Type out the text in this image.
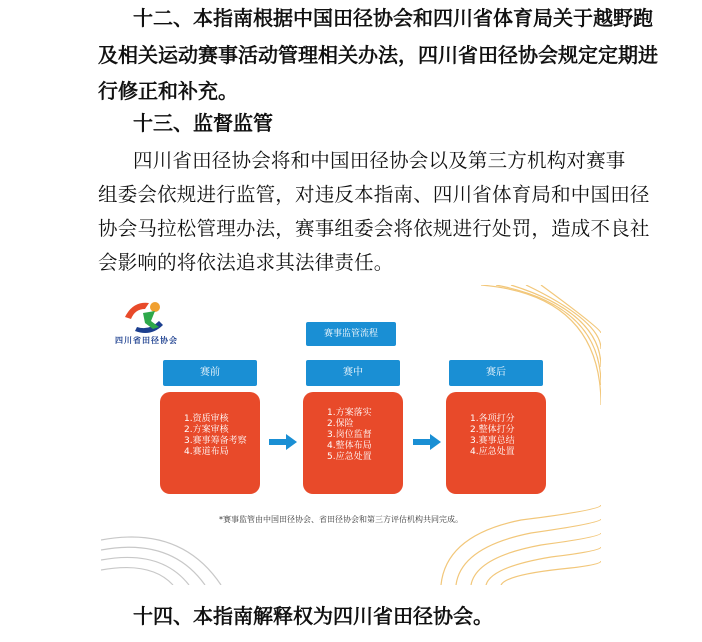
十二、本指南根据中国田径协会和四川省体育局关于越野跑
及相关运动赛事活动管理相关办法，四川省田径协会规定定期进
行修正和补充。
十三、监督监管
四川省田径协会将和中国田径协会以及第三方机构对赛事
组委会依规进行监管，对违反本指南、四川省体育局和中国田径
协会马拉松管理办法，赛事组委会将依规进行处罚，造成不良社
会影响的将依法追求其法律责任。
四川省田径协会
赛事监管流程
赛前	赛中	赛后
1.资质审核
2.方案审核
3.赛事筹备考察
4.赛道布局
1.方案落实
2.保险
3.岗位监督
4.整体布局
5.应急处置
1.各项打分
2.整体打分
3.赛事总结
4.应急处置
*赛事监管由中国田径协会、省田径协会和第三方评估机构共同完成。
十四、本指南解释权为四川省田径协会。
